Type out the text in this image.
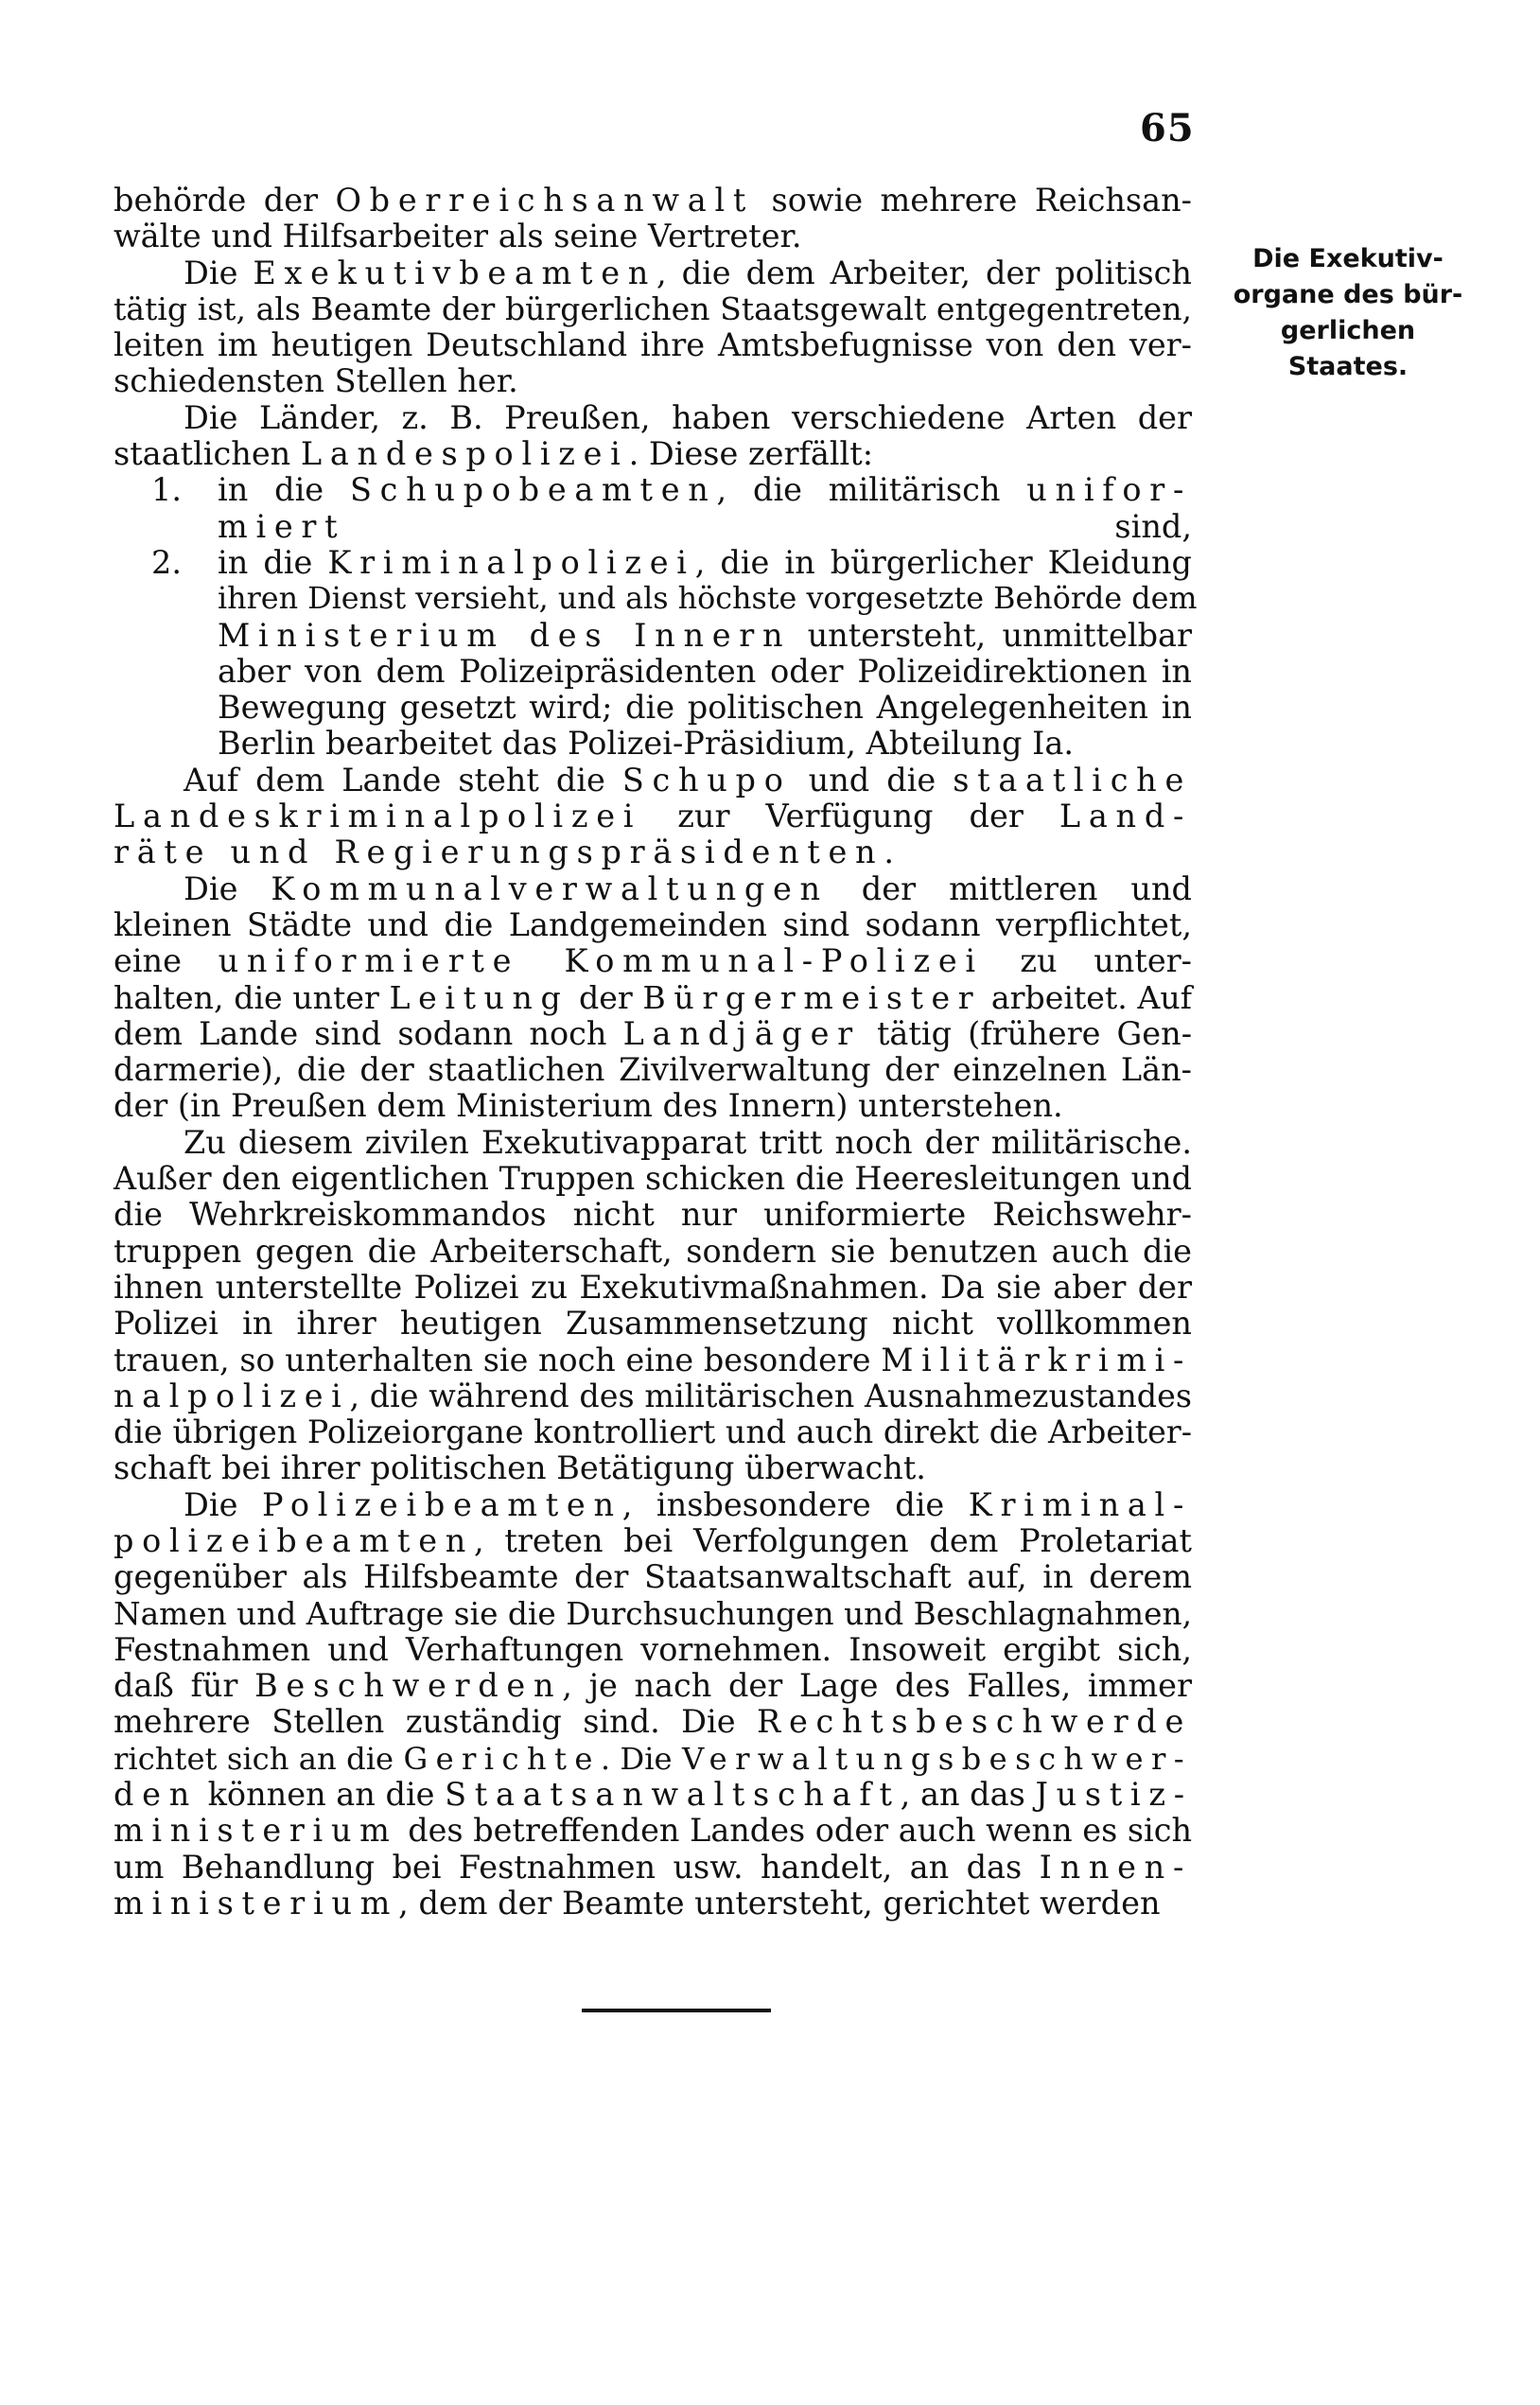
65
Die Exekutiv-
organe des bür-
gerlichen
Staates.
behörde der Oberreichsanwalt sowie mehrere Reichsan-
wälte und Hilfsarbeiter als seine Vertreter.
Die Exekutivbeamten, die dem Arbeiter, der politisch
tätig ist, als Beamte der bürgerlichen Staatsgewalt entgegentreten,
leiten im heutigen Deutschland ihre Amtsbefugnisse von den ver-
schiedensten Stellen her.
Die Länder, z. B. Preußen, haben verschiedene Arten der
staatlichen Landespolizei. Diese zerfällt:
1. in die Schupobeamten, die militärisch unifor-
miert sind,
2. in die Kriminalpolizei, die in bürgerlicher Kleidung
ihren Dienst versieht, und als höchste vorgesetzte Behörde dem
Ministerium des Innern untersteht, unmittelbar
aber von dem Polizeipräsidenten oder Polizeidirektionen in
Bewegung gesetzt wird; die politischen Angelegenheiten in
Berlin bearbeitet das Polizei-Präsidium, Abteilung Ia.
Auf dem Lande steht die Schupo und die staatliche
Landeskriminalpolizei zur Verfügung der Land-
räte und Regierungspräsidenten.
Die Kommunalverwaltungen der mittleren und
kleinen Städte und die Landgemeinden sind sodann verpflichtet,
eine uniformierte Kommunal-Polizei zu unter-
halten, die unter Leitung der Bürgermeister arbeitet. Auf
dem Lande sind sodann noch Landjäger tätig (frühere Gen-
darmerie), die der staatlichen Zivilverwaltung der einzelnen Län-
der (in Preußen dem Ministerium des Innern) unterstehen.
Zu diesem zivilen Exekutivapparat tritt noch der militärische.
Außer den eigentlichen Truppen schicken die Heeresleitungen und
die Wehrkreiskommandos nicht nur uniformierte Reichswehr-
truppen gegen die Arbeiterschaft, sondern sie benutzen auch die
ihnen unterstellte Polizei zu Exekutivmaßnahmen. Da sie aber der
Polizei in ihrer heutigen Zusammensetzung nicht vollkommen
trauen, so unterhalten sie noch eine besondere Militärkrimi-
nalpolizei, die während des militärischen Ausnahmezustandes
die übrigen Polizeiorgane kontrolliert und auch direkt die Arbeiter-
schaft bei ihrer politischen Betätigung überwacht.
Die Polizeibeamten, insbesondere die Kriminal-
polizeibeamten, treten bei Verfolgungen dem Proletariat
gegenüber als Hilfsbeamte der Staatsanwaltschaft auf, in derem
Namen und Auftrage sie die Durchsuchungen und Beschlagnahmen,
Festnahmen und Verhaftungen vornehmen. Insoweit ergibt sich,
daß für Beschwerden, je nach der Lage des Falles, immer
mehrere Stellen zuständig sind. Die Rechtsbeschwerde
richtet sich an die Gerichte. Die Verwaltungsbeschwer-
den können an die Staatsanwaltschaft, an das Justiz-
ministerium des betreffenden Landes oder auch wenn es sich
um Behandlung bei Festnahmen usw. handelt, an das Innen-
ministerium, dem der Beamte untersteht, gerichtet werden
